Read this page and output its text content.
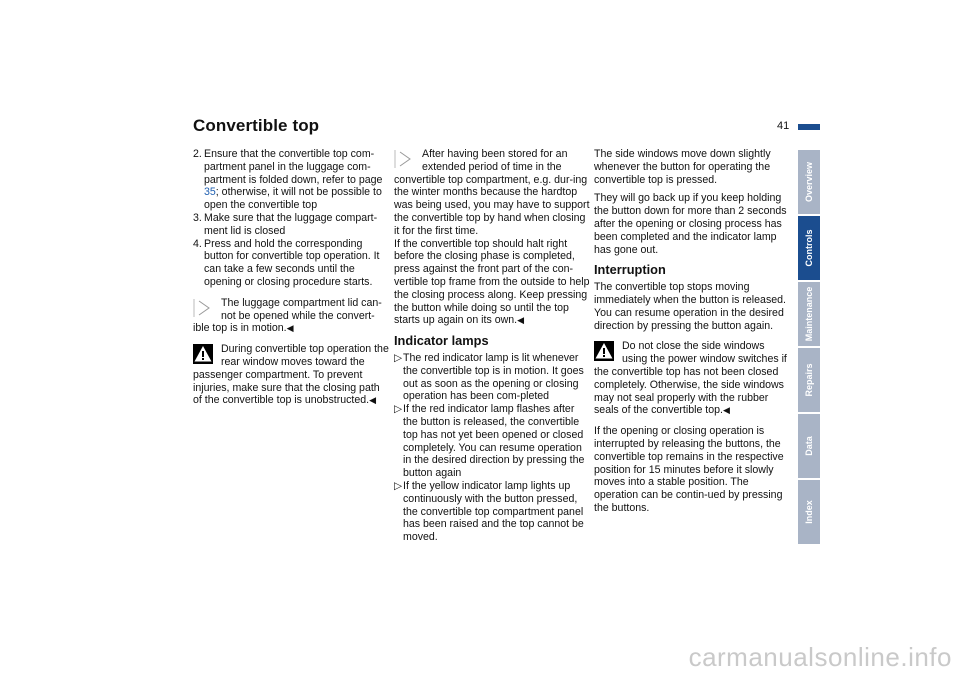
Convertible top	41
2. Ensure that the convertible top com-partment panel in the luggage com-partment is folded down, refer to page 35; otherwise, it will not be possible to open the convertible top
3. Make sure that the luggage compart-ment lid is closed
4. Press and hold the corresponding button for convertible top operation. It can take a few seconds until the opening or closing procedure starts.

The luggage compartment lid can-not be opened while the convert-ible top is in motion.◀

During convertible top operation the rear window moves toward the passenger compartment. To prevent injuries, make sure that the closing path of the convertible top is unobstructed.◀

After having been stored for an extended period of time in the convertible top compartment, e.g. dur-ing the winter months because the hardtop was being used, you may have to support the convertible top by hand when closing it for the first time.

If the convertible top should halt right before the closing phase is completed, press against the front part of the con-vertible top frame from the outside to help the closing process along. Keep pressing the button while doing so until the top starts up again on its own.◀

Indicator lamps
▷ The red indicator lamp is lit whenever the convertible top is in motion. It goes out as soon as the opening or closing operation has been com-pleted
▷ If the red indicator lamp flashes after the button is released, the convertible top has not yet been opened or closed completely. You can resume operation in the desired direction by pressing the button again
▷ If the yellow indicator lamp lights up continuously with the button pressed, the convertible top compartment panel has been raised and the top cannot be moved.

The side windows move down slightly whenever the button for operating the convertible top is pressed.

They will go back up if you keep holding the button down for more than 2 seconds after the opening or closing process has been completed and the indicator lamp has gone out.

Interruption

The convertible top stops moving immediately when the button is released. You can resume operation in the desired direction by pressing the button again.

Do not close the side windows using the power window switches if the convertible top has not been closed completely. Otherwise, the side windows may not seal properly with the rubber seals of the convertible top.◀

If the opening or closing operation is interrupted by releasing the buttons, the convertible top remains in the respective position for 15 minutes before it slowly moves into a stable position. The operation can be contin-ued by pressing the buttons.

Overview
Controls
Maintenance
Repairs
Data
Index
carmanualsonline.info
